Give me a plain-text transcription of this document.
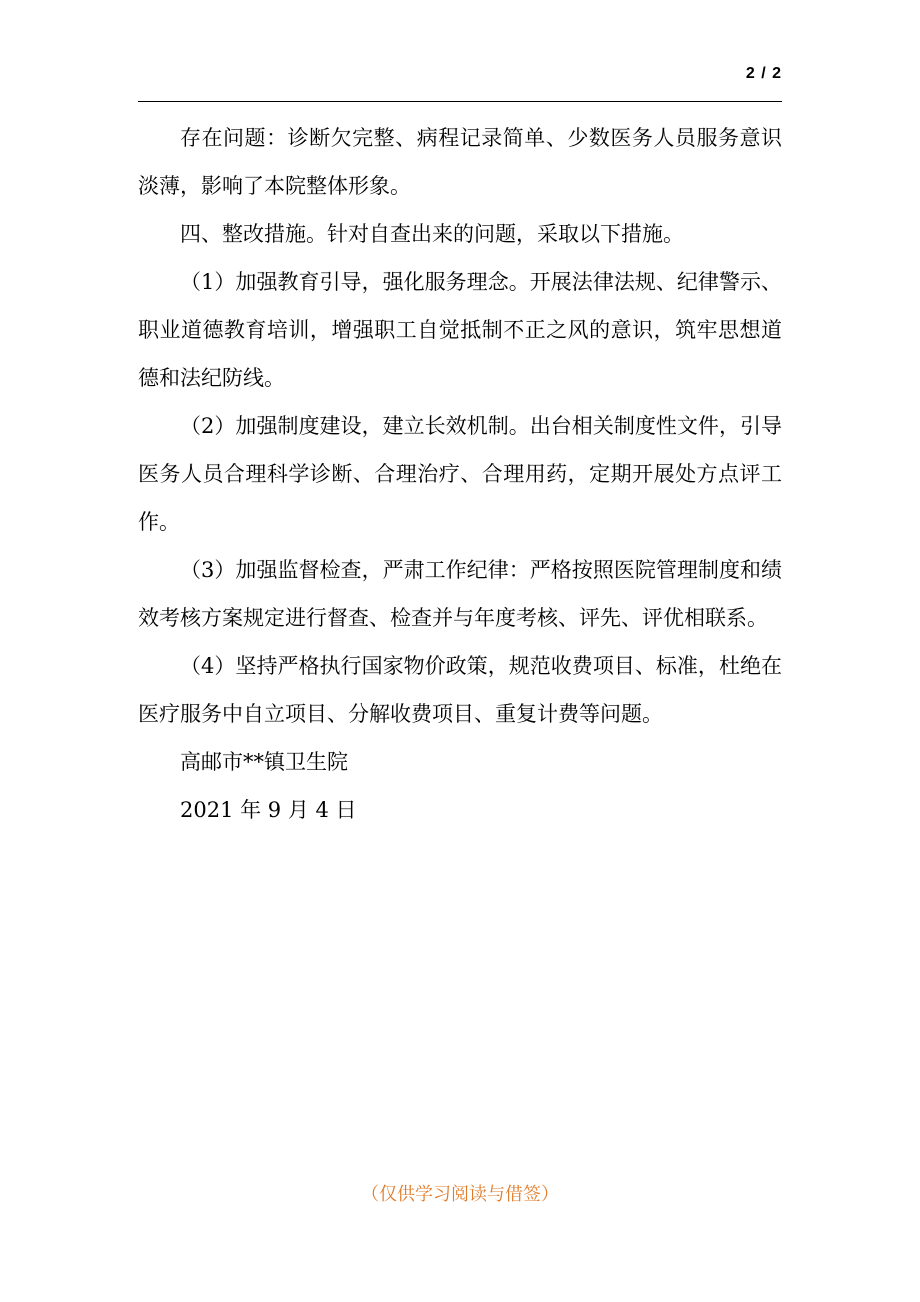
2 / 2

存在问题：诊断欠完整、病程记录简单、少数医务人员服务意识淡薄，影响了本院整体形象。

四、整改措施。针对自查出来的问题，采取以下措施。

（1）加强教育引导，强化服务理念。开展法律法规、纪律警示、职业道德教育培训，增强职工自觉抵制不正之风的意识，筑牢思想道德和法纪防线。

（2）加强制度建设，建立长效机制。出台相关制度性文件，引导医务人员合理科学诊断、合理治疗、合理用药，定期开展处方点评工作。

（3）加强监督检查，严肃工作纪律：严格按照医院管理制度和绩效考核方案规定进行督查、检查并与年度考核、评先、评优相联系。

（4）坚持严格执行国家物价政策，规范收费项目、标准，杜绝在医疗服务中自立项目、分解收费项目、重复计费等问题。

高邮市**镇卫生院

2021 年 9 月 4 日

（仅供学习阅读与借签）
